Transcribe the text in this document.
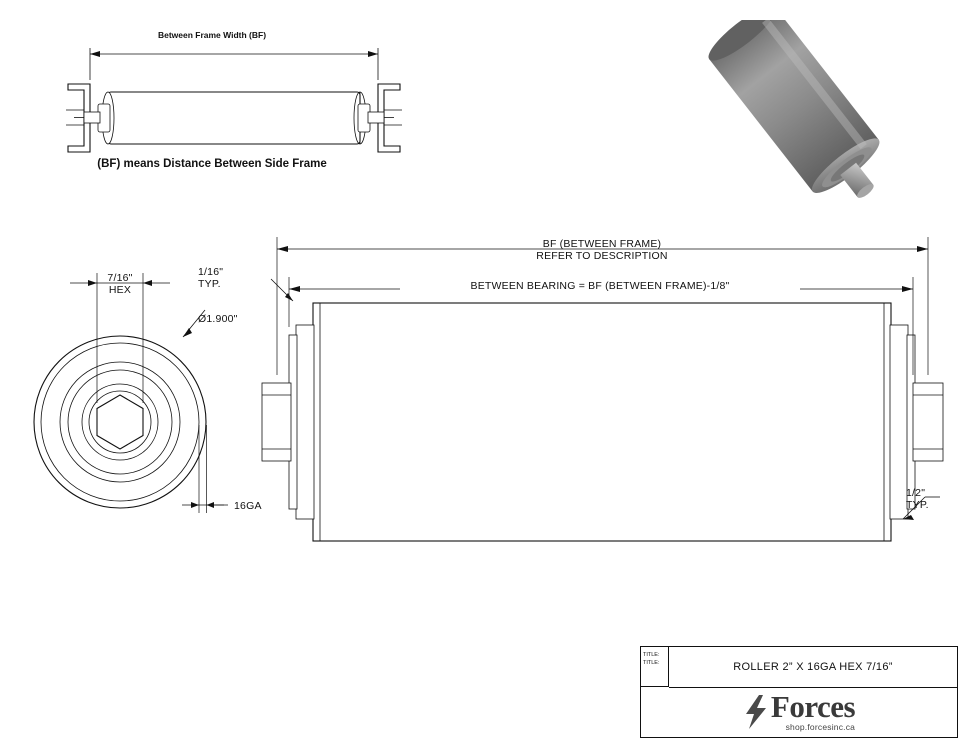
Between Frame Width (BF)
(BF) means Distance Between Side Frame
BF (BETWEEN FRAME)
REFER TO DESCRIPTION
BETWEEN BEARING = BF (BETWEEN FRAME)-1/8"
1/16"
TYP.
1/2"
TYP.
7/16"
HEX
Ø1.900"
16GA
TITLE:
TITLE:	ROLLER 2” X 16GA HEX 7/16”
Forces
shop.forcesinc.ca
